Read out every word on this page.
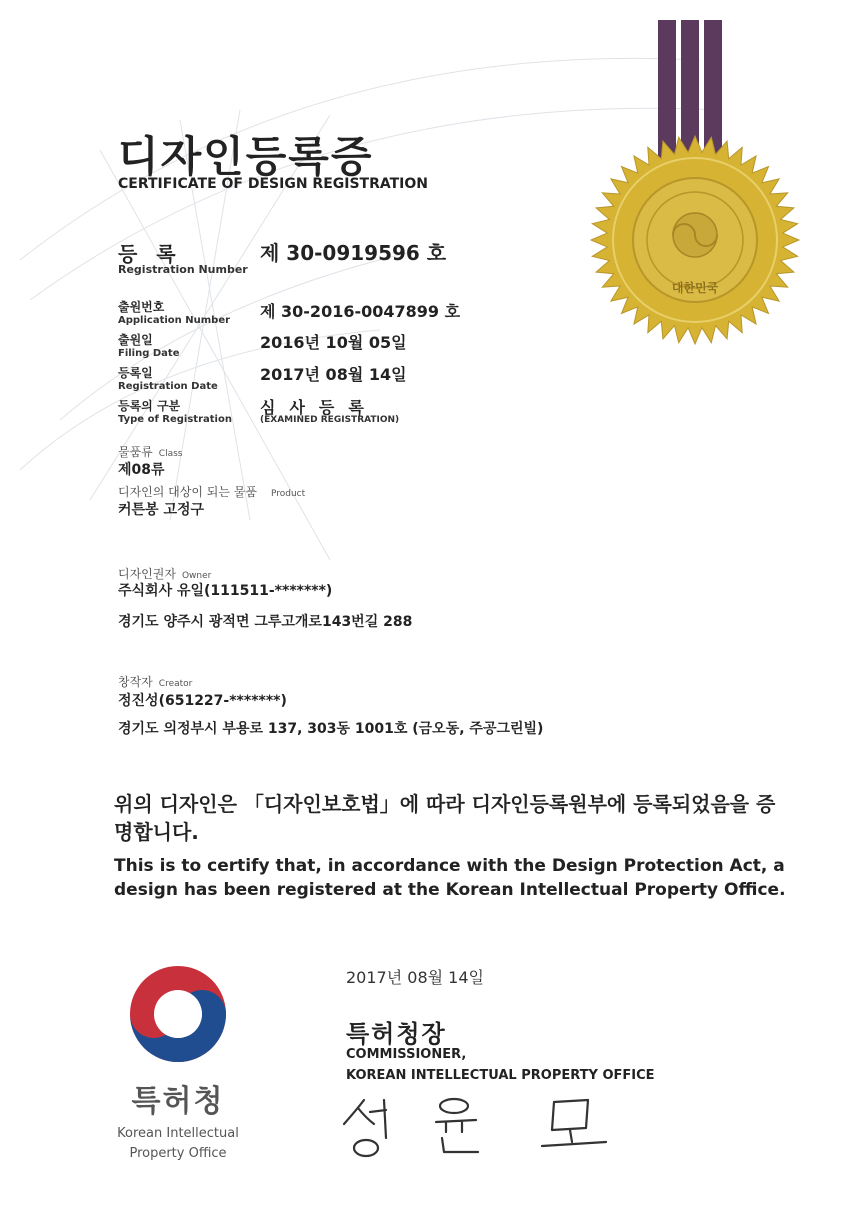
대한민국
디자인등록증
CERTIFICATE OF DESIGN REGISTRATION
등 록
Registration Number
제 30-0919596 호
출원번호
Application Number 제 30-2016-0047899 호
출원일
Filing Date
2016년 10월 05일
등록일
Registration Date
2017년 08월 14일
등록의 구분
Type of Registration
심사등록
(EXAMINED REGISTRATION)
물품류 Class
제08류
디자인의 대상이 되는 물품 Product
커튼봉 고정구
디자인권자 Owner
주식회사 유일(111511-*******)
경기도 양주시 광적면 그루고개로143번길 288
창작자 Creator
정진성(651227-*******)
경기도 의정부시 부용로 137, 303동 1001호 (금오동, 주공그린빌)
위의 디자인은 「디자인보호법」에 따라 디자인등록원부에 등록되었음을 증명합니다.
This is to certify that, in accordance with the Design Protection Act, a design has been registered at the Korean Intellectual Property Office.
특허청
Korean Intellectual
Property Office
2017년 08월 14일
특허청장
COMMISSIONER,
KOREAN INTELLECTUAL PROPERTY OFFICE
